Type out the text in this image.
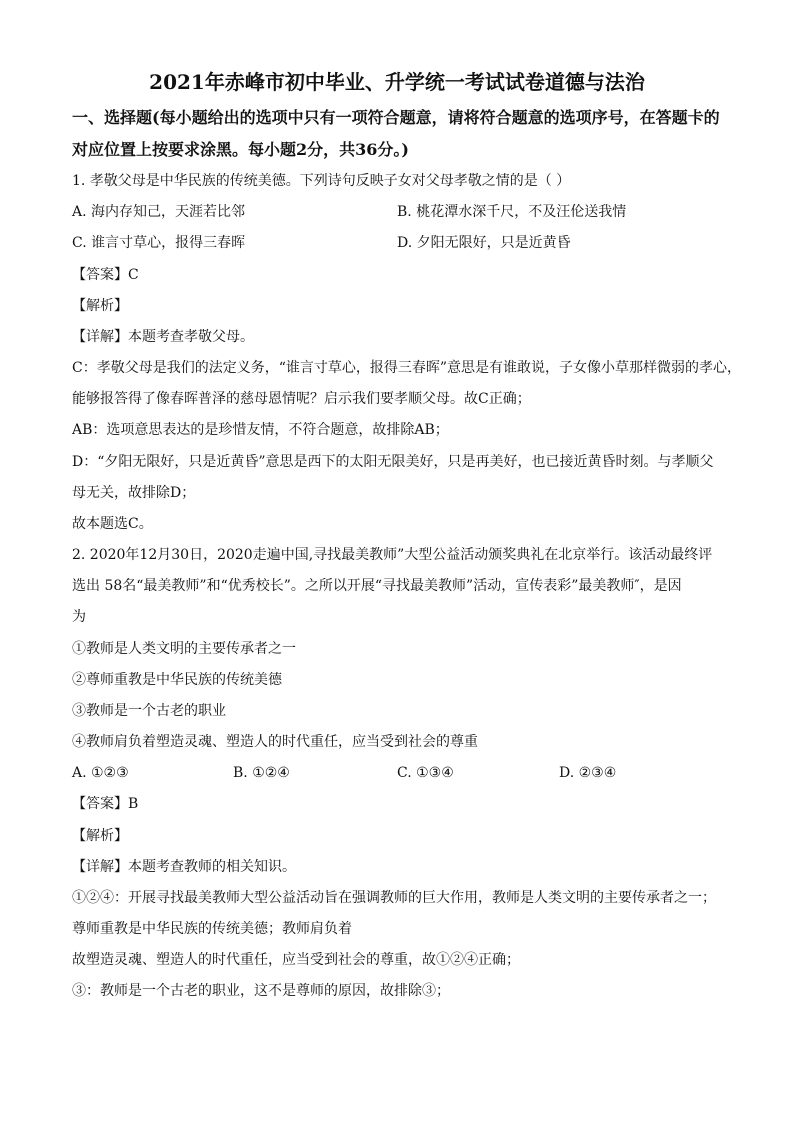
2021年赤峰市初中毕业、升学统一考试试卷道德与法治
一、选择题(每小题给出的选项中只有一项符合题意，请将符合题意的选项序号，在答题卡的
对应位置上按要求涂黑。每小题2分，共36分。)
1. 孝敬父母是中华民族的传统美德。下列诗句反映子女对父母孝敬之情的是（ ）
A. 海内存知己，天涯若比邻	B. 桃花潭水深千尺，不及汪伦送我情
C. 谁言寸草心，报得三春晖	D. 夕阳无限好，只是近黄昏
【答案】C
【解析】
【详解】本题考查孝敬父母。
C：孝敬父母是我们的法定义务，“谁言寸草心，报得三春晖”意思是有谁敢说，子女像小草那样微弱的孝心，
能够报答得了像春晖普泽的慈母恩情呢？启示我们要孝顺父母。故C正确；
AB：选项意思表达的是珍惜友情，不符合题意，故排除AB；
D：“夕阳无限好，只是近黄昏”意思是西下的太阳无限美好，只是再美好，也已接近黄昏时刻。与孝顺父
母无关，故排除D；
故本题选C。
2. 2020年12月30日，2020走遍中国,寻找最美教师”大型公益活动颁奖典礼在北京举行。该活动最终评
选出 58名“最美教师”和“优秀校长”。之所以开展“寻找最美教师”活动，宣传表彩”最美教师″，是因
为
①教师是人类文明的主要传承者之一
②尊师重教是中华民族的传统美德
③教师是一个古老的职业
④教师肩负着塑造灵魂、塑造人的时代重任，应当受到社会的尊重
A. ①②③	B. ①②④	C. ①③④	D. ②③④
【答案】B
【解析】
【详解】本题考查教师的相关知识。
①②④：开展寻找最美教师大型公益活动旨在强调教师的巨大作用，教师是人类文明的主要传承者之一；
尊师重教是中华民族的传统美德；教师肩负着
故塑造灵魂、塑造人的时代重任，应当受到社会的尊重，故①②④正确；
③：教师是一个古老的职业，这不是尊师的原因，故排除③；
